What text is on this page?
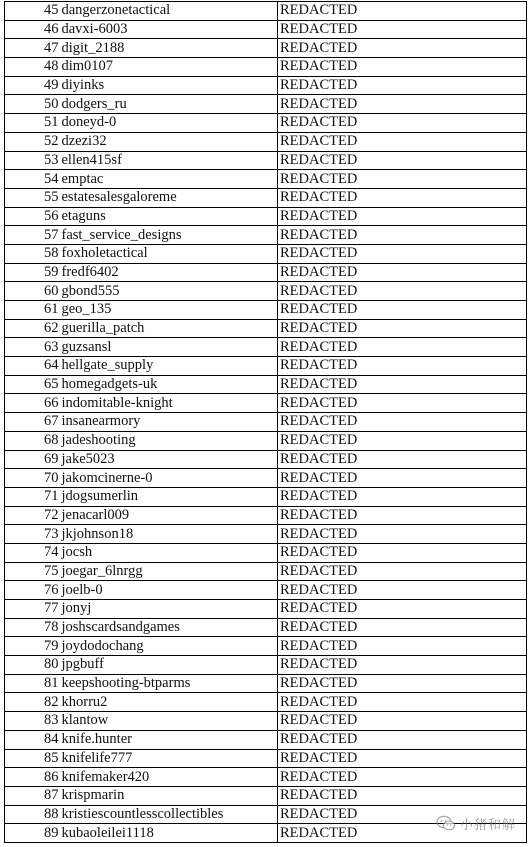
45	dangerzonetactical	REDACTED
46	davxi-6003	REDACTED
47	digit_2188	REDACTED
48	dim0107	REDACTED
49	diyinks	REDACTED
50	dodgers_ru	REDACTED
51	doneyd-0	REDACTED
52	dzezi32	REDACTED
53	ellen415sf	REDACTED
54	emptac	REDACTED
55	estatesalesgaloreme	REDACTED
56	etaguns	REDACTED
57	fast_service_designs	REDACTED
58	foxholetactical	REDACTED
59	fredf6402	REDACTED
60	gbond555	REDACTED
61	geo_135	REDACTED
62	guerilla_patch	REDACTED
63	guzsansl	REDACTED
64	hellgate_supply	REDACTED
65	homegadgets-uk	REDACTED
66	indomitable-knight	REDACTED
67	insanearmory	REDACTED
68	jadeshooting	REDACTED
69	jake5023	REDACTED
70	jakomcinerne-0	REDACTED
71	jdogsumerlin	REDACTED
72	jenacarl009	REDACTED
73	jkjohnson18	REDACTED
74	jocsh	REDACTED
75	joegar_6lnrgg	REDACTED
76	joelb-0	REDACTED
77	jonyj	REDACTED
78	joshscardsandgames	REDACTED
79	joydodochang	REDACTED
80	jpgbuff	REDACTED
81	keepshooting-btparms	REDACTED
82	khorru2	REDACTED
83	klantow	REDACTED
84	knife.hunter	REDACTED
85	knifelife777	REDACTED
86	knifemaker420	REDACTED
87	krispmarin	REDACTED
88	kristiescountlesscollectibles	REDACTED
89	kubaoleilei1118	REDACTED	小猪和解
